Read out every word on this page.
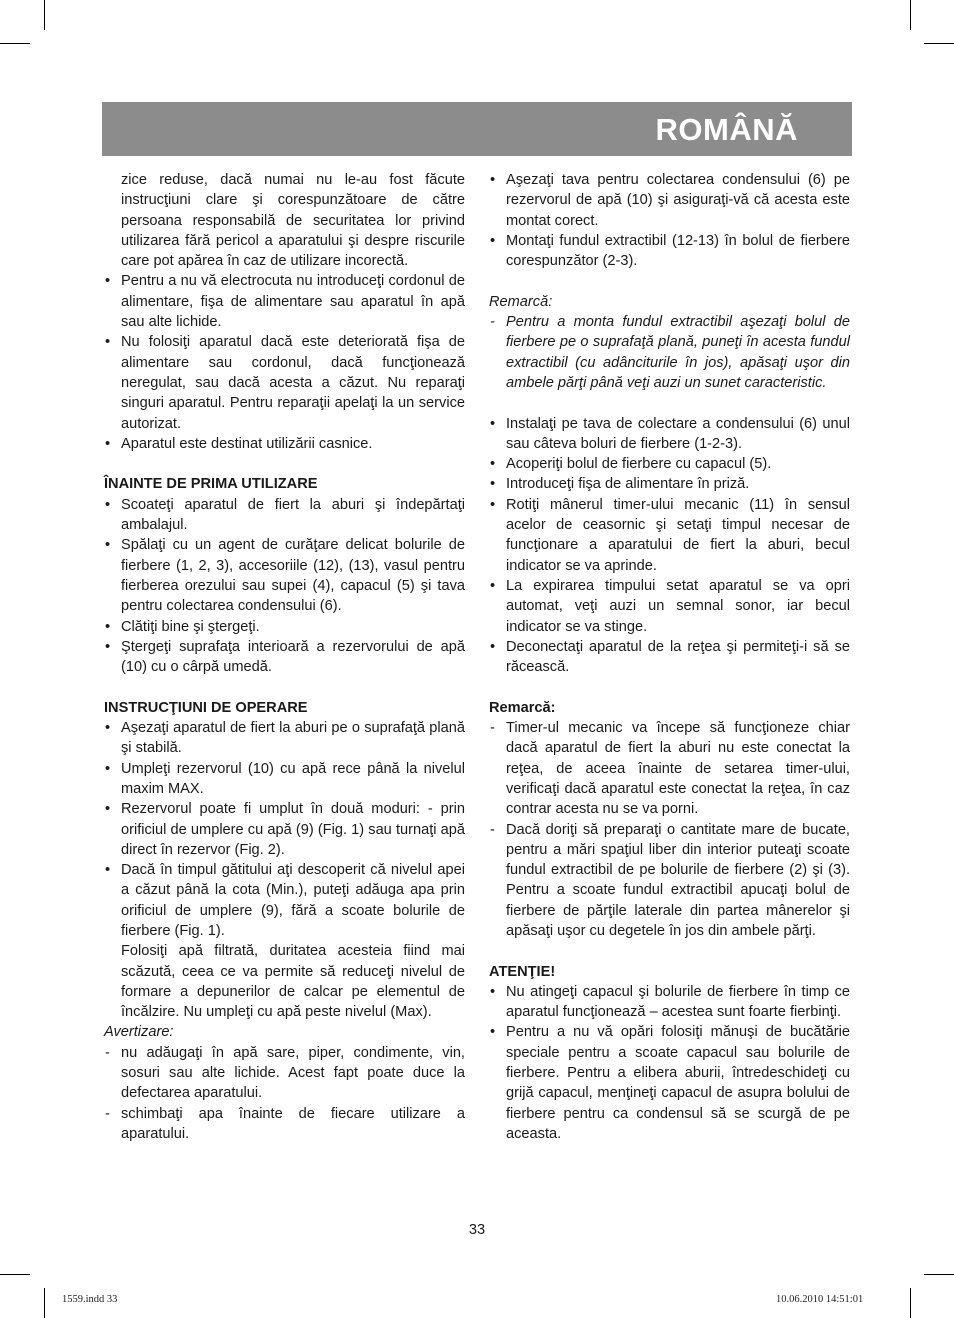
ROMÂNĂ
zice reduse, dacă numai nu le-au fost făcute instrucţiuni clare şi corespunzătoare de către persoana responsabilă de securitatea lor privind utilizarea fără pericol a aparatului şi despre riscurile care pot apărea în caz de utilizare incorectă.
• Pentru a nu vă electrocuta nu introduceţi cordonul de alimentare, fişa de alimentare sau aparatul în apă sau alte lichide.
• Nu folosiţi aparatul dacă este deteriorată fişa de alimentare sau cordonul, dacă funcţionează neregulat, sau dacă acesta a căzut. Nu reparaţi singuri aparatul. Pentru reparaţii apelaţi la un service autorizat.
• Aparatul este destinat utilizării casnice.
ÎNAINTE DE PRIMA UTILIZARE
• Scoateţi aparatul de fiert la aburi şi îndepărtaţi ambalajul.
• Spălaţi cu un agent de curăţare delicat bolurile de fierbere (1, 2, 3), accesoriile (12), (13), vasul pentru fierberea orezului sau supei (4), capacul (5) şi tava pentru colectarea condensului (6).
• Clătiţi bine şi ştergeţi.
• Ştergeţi suprafaţa interioară a rezervorului de apă (10) cu o cârpă umedă.
INSTRUCŢIUNI DE OPERARE
• Aşezaţi aparatul de fiert la aburi pe o suprafaţă plană şi stabilă.
• Umpleţi rezervorul (10) cu apă rece până la nivelul maxim MAX.
• Rezervorul poate fi umplut în două moduri: - prin orificiul de umplere cu apă (9) (Fig. 1) sau turnaţi apă direct în rezervor (Fig. 2).
• Dacă în timpul gătitului aţi descoperit că nivelul apei a căzut până la cota (Min.), puteţi adăuga apa prin orificiul de umplere (9), fără a scoate bolurile de fierbere (Fig. 1).
Folosiţi apă filtrată, duritatea acesteia fiind mai scăzută, ceea ce va permite să reduceţi nivelul de formare a depunerilor de calcar pe elementul de încălzire. Nu umpleţi cu apă peste nivelul (Max).
Avertizare:
- nu adăugaţi în apă sare, piper, condimente, vin, sosuri sau alte lichide. Acest fapt poate duce la defectarea aparatului.
- schimbaţi apa înainte de fiecare utilizare a aparatului.
• Aşezaţi tava pentru colectarea condensului (6) pe rezervorul de apă (10) şi asiguraţi-vă că acesta este montat corect.
• Montaţi fundul extractibil (12-13) în bolul de fierbere corespunzător (2-3).
Remarcă:
- Pentru a monta fundul extractibil aşezaţi bolul de fierbere pe o suprafaţă plană, puneţi în acesta fundul extractibil (cu adânciturile în jos), apăsaţi uşor din ambele părţi până veţi auzi un sunet caracteristic.
• Instalaţi pe tava de colectare a condensului (6) unul sau câteva boluri de fierbere (1-2-3).
• Acoperiţi bolul de fierbere cu capacul (5).
• Introduceţi fişa de alimentare în priză.
• Rotiţi mânerul timer-ului mecanic (11) în sensul acelor de ceasornic şi setaţi timpul necesar de funcţionare a aparatului de fiert la aburi, becul indicator se va aprinde.
• La expirarea timpului setat aparatul se va opri automat, veţi auzi un semnal sonor, iar becul indicator se va stinge.
• Deconectaţi aparatul de la reţea şi permiteţi-i să se răcească.
Remarcă:
- Timer-ul mecanic va începe să funcţioneze chiar dacă aparatul de fiert la aburi nu este conectat la reţea, de aceea înainte de setarea timer-ului, verificaţi dacă aparatul este conectat la reţea, în caz contrar acesta nu se va porni.
- Dacă doriţi să preparaţi o cantitate mare de bucate, pentru a mări spaţiul liber din interior puteaţi scoate fundul extractibil de pe bolurile de fierbere (2) şi (3). Pentru a scoate fundul extractibil apucaţi bolul de fierbere de părţile laterale din partea mânerelor şi apăsaţi uşor cu degetele în jos din ambele părţi.
ATENŢIE!
• Nu atingeţi capacul şi bolurile de fierbere în timp ce aparatul funcţionează – acestea sunt foarte fierbinţi.
• Pentru a nu vă opări folosiţi mănuşi de bucătărie speciale pentru a scoate capacul sau bolurile de fierbere. Pentru a elibera aburii, întredeschideţi cu grijă capacul, menţineţi capacul de asupra bolului de fierbere pentru ca condensul să se scurgă de pe aceasta.
33
1559.indd 33	10.06.2010 14:51:01
